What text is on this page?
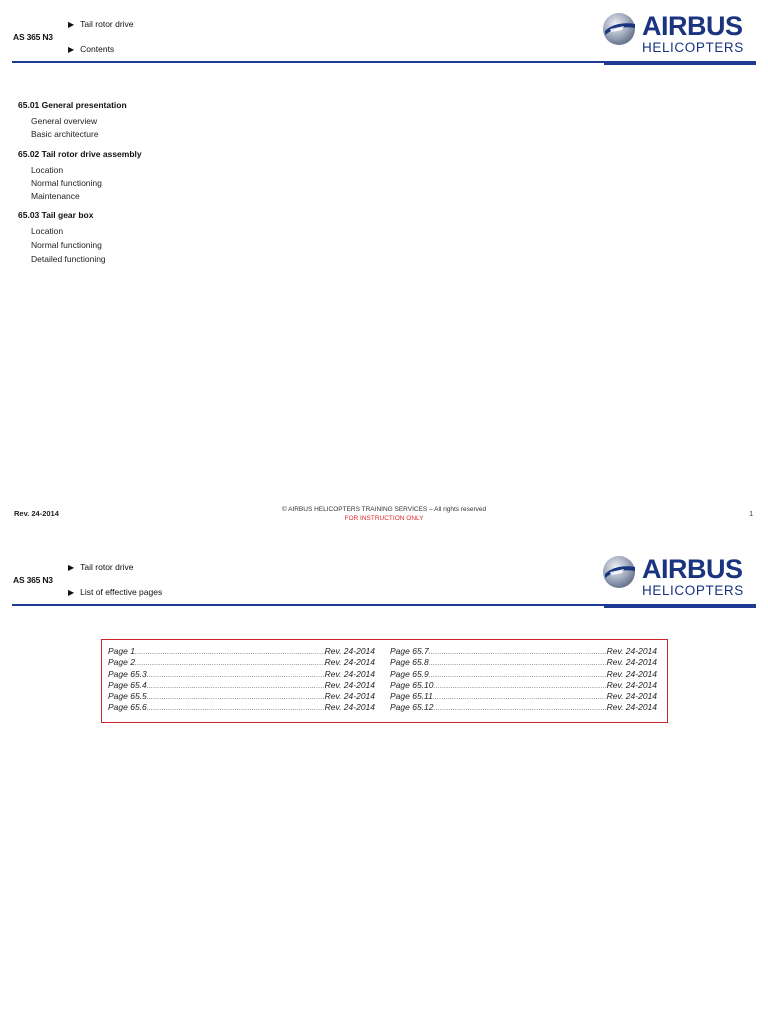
▶ Tail rotor drive
AS 365 N3
▶ Contents
AIRBUS
HELICOPTERS
65.01 General presentation
General overview
Basic architecture
65.02 Tail rotor drive assembly
Location
Normal functioning
Maintenance
65.03 Tail gear box
Location
Normal functioning
Detailed functioning
Rev. 24-2014	© AIRBUS HELICOPTERS TRAINING SERVICES – All rights reserved
FOR INSTRUCTION ONLY
1
▶ Tail rotor drive
AS 365 N3
▶ List of effective pages
AIRBUS
HELICOPTERS
Page 1 .....	Rev. 24-2014
Page 2 .....	Rev. 24-2014
Page 65.3 .....	Rev. 24-2014
Page 65.4 .....	Rev. 24-2014
Page 65.5 .....	Rev. 24-2014
Page 65.6 .....	Rev. 24-2014
Page 65.7 .....	Rev. 24-2014
Page 65.8 .....	Rev. 24-2014
Page 65.9 .....	Rev. 24-2014
Page 65.10 .....	Rev. 24-2014
Page 65.11 .....	Rev. 24-2014
Page 65.12 .....	Rev. 24-2014
